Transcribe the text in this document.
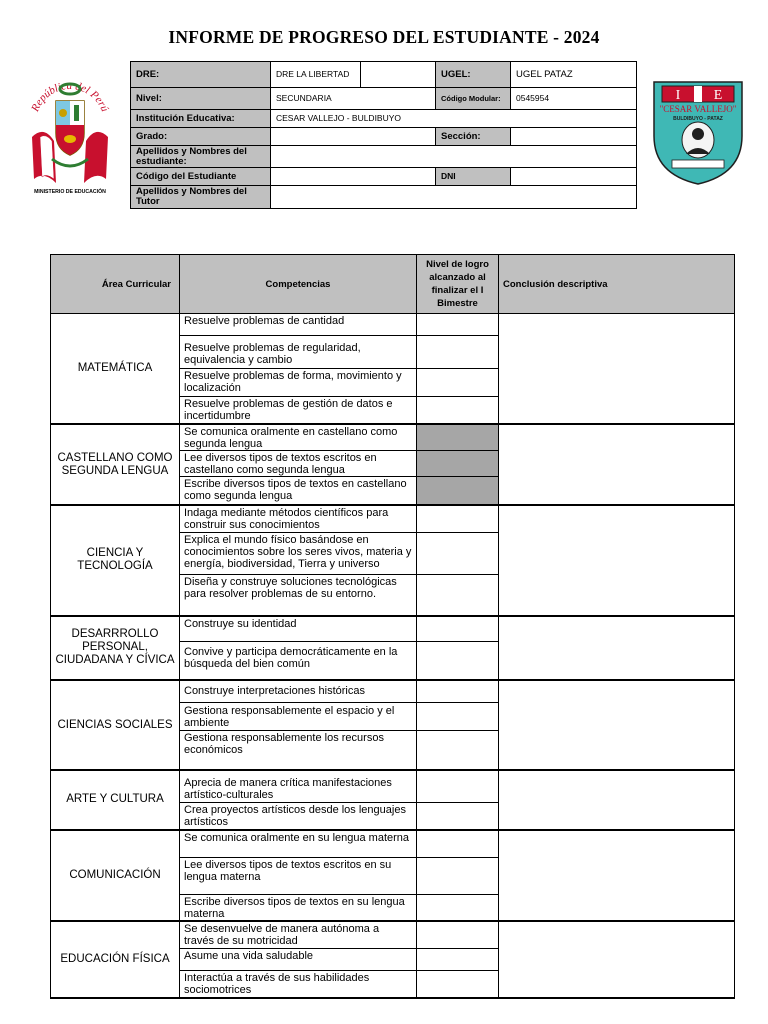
INFORME DE PROGRESO DEL ESTUDIANTE - 2024
República del Perú
MINISTERIO DE EDUCACIÓN
I E
"CESAR VALLEJO"
BULDIBUYO - PATAZ
DRE:	DRE LA LIBERTAD		UGEL:	UGEL PATAZ
Nivel:	SECUNDARIA		Código Modular:	0545954
Institución Educativa:	CESAR VALLEJO - BULDIBUYO			
Grado:			Sección:	
Apellidos y Nombres del estudiante:				
Código del Estudiante			DNI	
Apellidos y Nombres del Tutor				
Área Curricular	Competencias	Nivel de logro alcanzado al finalizar el I Bimestre	Conclusión descriptiva
MATEMÁTICA	Resuelve problemas de cantidad		
	Resuelve problemas de regularidad, equivalencia y cambio		
	Resuelve problemas de forma, movimiento y localización		
	Resuelve problemas de gestión de datos e incertidumbre		
CASTELLANO COMO SEGUNDA LENGUA	Se comunica oralmente en castellano como segunda lengua		
	Lee diversos tipos de textos escritos en castellano como segunda lengua		
	Escribe diversos tipos de textos en castellano como segunda lengua		
CIENCIA Y TECNOLOGÍA	Indaga mediante métodos científicos para construir sus conocimientos		
	Explica el mundo físico basándose en conocimientos sobre los seres vivos, materia y energía, biodiversidad, Tierra y universo		
	Diseña y construye soluciones tecnológicas para resolver problemas de su entorno.		
DESARRROLLO PERSONAL, CIUDADANA Y CÍVICA	Construye su identidad		
	Convive y participa democráticamente en la búsqueda del bien común		
CIENCIAS SOCIALES	Construye interpretaciones históricas		
	Gestiona responsablemente el espacio y el ambiente		
	Gestiona responsablemente los recursos económicos		
ARTE Y CULTURA	Aprecia de manera crítica manifestaciones artístico-culturales		
	Crea proyectos artísticos desde los lenguajes artísticos		
COMUNICACIÓN	Se comunica oralmente en su lengua materna		
	Lee diversos tipos de textos escritos en su lengua materna		
	Escribe diversos tipos de textos en su lengua materna		
EDUCACIÓN FÍSICA	Se desenvuelve de manera autónoma a través de su motricidad		
	Asume una vida saludable		
	Interactúa a través de sus habilidades sociomotrices		
